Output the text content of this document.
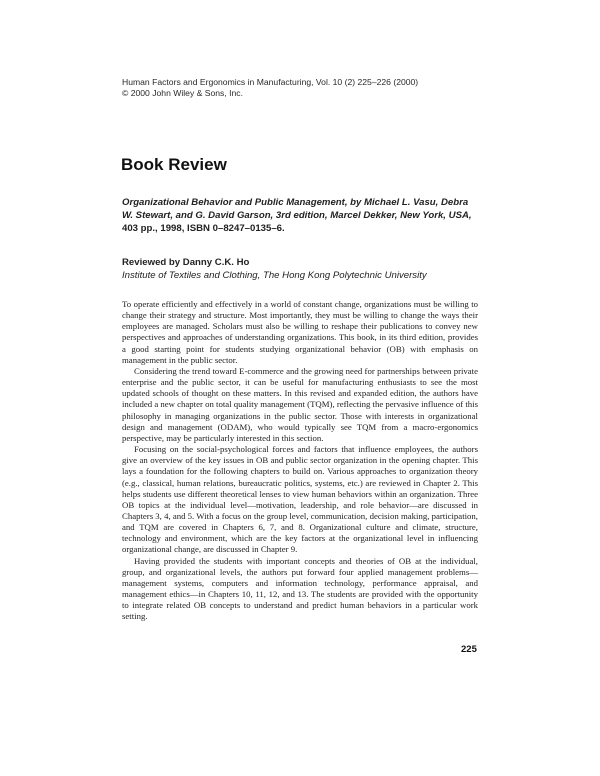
Human Factors and Ergonomics in Manufacturing, Vol. 10 (2) 225–226 (2000)
© 2000 John Wiley & Sons, Inc.
Book Review

Organizational Behavior and Public Management, by Michael L. Vasu, Debra W. Stewart, and G. David Garson, 3rd edition, Marcel Dekker, New York, USA, 403 pp., 1998, ISBN 0–8247–0135–6.

Reviewed by Danny C.K. Ho
Institute of Textiles and Clothing, The Hong Kong Polytechnic University

To operate efficiently and effectively in a world of constant change, organizations must be willing to change their strategy and structure. Most importantly, they must be willing to change the ways their employees are managed. Scholars must also be willing to reshape their publications to convey new perspectives and approaches of understanding organizations. This book, in its third edition, provides a good starting point for students studying organizational behavior (OB) with emphasis on management in the public sector.

Considering the trend toward E-commerce and the growing need for partnerships between private enterprise and the public sector, it can be useful for manufacturing enthusiasts to see the most updated schools of thought on these matters. In this revised and expanded edition, the authors have included a new chapter on total quality management (TQM), reflecting the pervasive influence of this philosophy in managing organizations in the public sector. Those with interests in organizational design and management (ODAM), who would typically see TQM from a macro-ergonomics perspective, may be particularly interested in this section.

Focusing on the social-psychological forces and factors that influence employees, the authors give an overview of the key issues in OB and public sector organization in the opening chapter. This lays a foundation for the following chapters to build on. Various approaches to organization theory (e.g., classical, human relations, bureaucratic politics, systems, etc.) are reviewed in Chapter 2. This helps students use different theoretical lenses to view human behaviors within an organization. Three OB topics at the individual level—motivation, leadership, and role behavior—are discussed in Chapters 3, 4, and 5. With a focus on the group level, communication, decision making, participation, and TQM are covered in Chapters 6, 7, and 8. Organizational culture and climate, structure, technology and environment, which are the key factors at the organizational level in influencing organizational change, are discussed in Chapter 9.

Having provided the students with important concepts and theories of OB at the individual, group, and organizational levels, the authors put forward four applied management problems—management systems, computers and information technology, performance appraisal, and management ethics—in Chapters 10, 11, 12, and 13. The students are provided with the opportunity to integrate related OB concepts to understand and predict human behaviors in a particular work setting.

225
